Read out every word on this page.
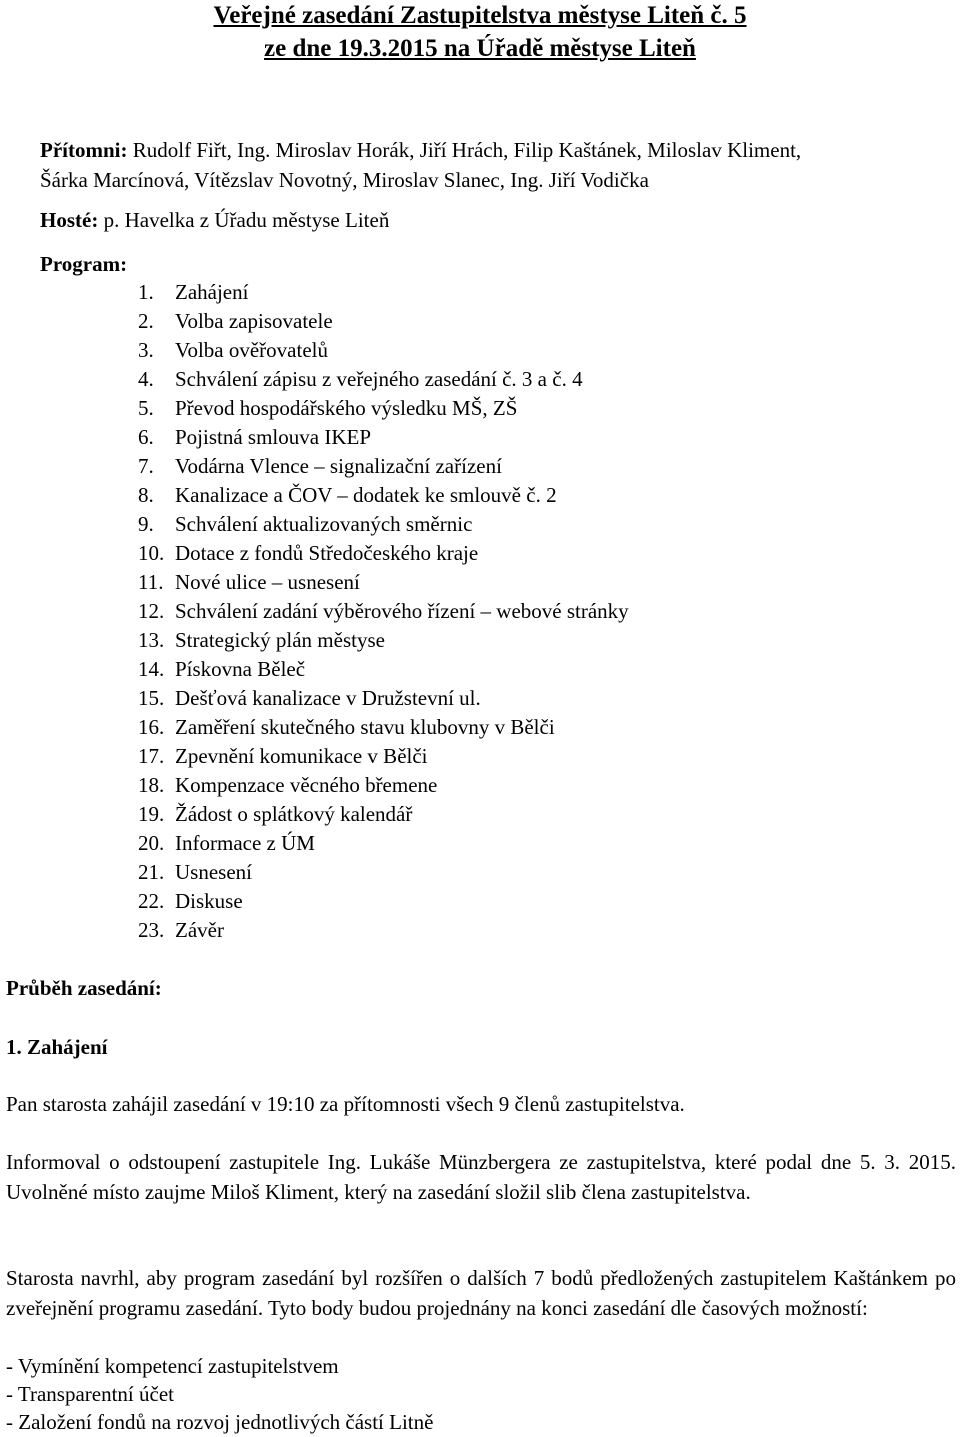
Veřejné zasedání Zastupitelstva městyse Liteň č. 5
ze dne 19.3.2015 na Úřadě městyse Liteň
Přítomni: Rudolf Fiřt, Ing. Miroslav Horák, Jiří Hrách, Filip Kaštánek, Miloslav Kliment,
Šárka Marcínová, Vítězslav Novotný, Miroslav Slanec, Ing. Jiří Vodička
Hosté: p. Havelka z Úřadu městyse Liteň
Program:
1. Zahájení
2. Volba zapisovatele
3. Volba ověřovatelů
4. Schválení zápisu z veřejného zasedání č. 3 a č. 4
5. Převod hospodářského výsledku MŠ, ZŠ
6. Pojistná smlouva IKEP
7. Vodárna Vlence – signalizační zařízení
8. Kanalizace a ČOV – dodatek ke smlouvě č. 2
9. Schválení aktualizovaných směrnic
10. Dotace z fondů Středočeského kraje
11. Nové ulice – usnesení
12. Schválení zadání výběrového řízení – webové stránky
13. Strategický plán městyse
14. Pískovna Běleč
15. Dešťová kanalizace v Družstevní ul.
16. Zaměření skutečného stavu klubovny v Bělči
17. Zpevnění komunikace v Bělči
18. Kompenzace věcného břemene
19. Žádost o splátkový kalendář
20. Informace z ÚM
21. Usnesení
22. Diskuse
23. Závěr
Průběh zasedání:
1. Zahájení

Pan starosta zahájil zasedání v 19:10 za přítomnosti všech 9 členů zastupitelstva.

Informoval o odstoupení zastupitele Ing. Lukáše Münzbergera ze zastupitelstva, které podal dne 5. 3. 2015. Uvolněné místo zaujme Miloš Kliment, který na zasedání složil slib člena zastupitelstva.

Starosta navrhl, aby program zasedání byl rozšířen o dalších 7 bodů předložených zastupitelem Kaštánkem po zveřejnění programu zasedání. Tyto body budou projednány na konci zasedání dle časových možností:

- Vymínění kompetencí zastupitelstvem
- Transparentní účet
- Založení fondů na rozvoj jednotlivých částí Litně
